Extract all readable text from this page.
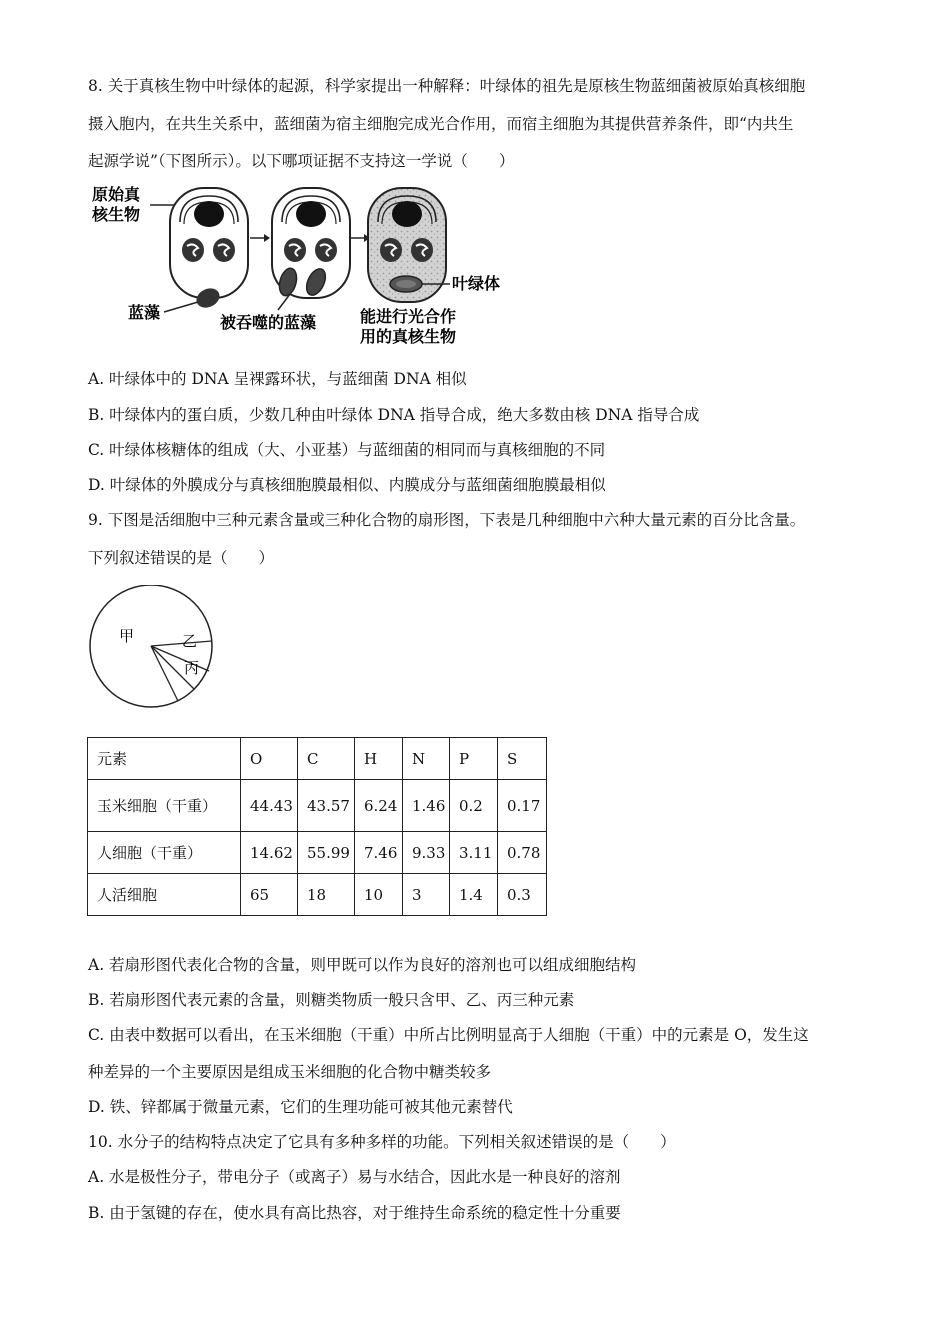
8. 关于真核生物中叶绿体的起源，科学家提出一种解释：叶绿体的祖先是原核生物蓝细菌被原始真核细胞
摄入胞内，在共生关系中，蓝细菌为宿主细胞完成光合作用，而宿主细胞为其提供营养条件，即“内共生
起源学说”（下图所示）。以下哪项证据不支持这一学说（　　）
原始真
核生物
蓝藻
被吞噬的蓝藻
叶绿体
能进行光合作
用的真核生物
A. 叶绿体中的 DNA 呈裸露环状，与蓝细菌 DNA 相似
B. 叶绿体内的蛋白质，少数几种由叶绿体 DNA 指导合成，绝大多数由核 DNA 指导合成
C. 叶绿体核糖体的组成（大、小亚基）与蓝细菌的相同而与真核细胞的不同
D. 叶绿体的外膜成分与真核细胞膜最相似、内膜成分与蓝细菌细胞膜最相似
9. 下图是活细胞中三种元素含量或三种化合物的扇形图，下表是几种细胞中六种大量元素的百分比含量。
下列叙述错误的是（　　）
甲	乙
丙
元素	O	C	H	N	P	S
玉米细胞（干重）	44.43	43.57	6.24	1.46	0.2	0.17
人细胞（干重）	14.62	55.99	7.46	9.33	3.11	0.78
人活细胞	65	18	10	3	1.4	0.3
A. 若扇形图代表化合物的含量，则甲既可以作为良好的溶剂也可以组成细胞结构
B. 若扇形图代表元素的含量，则糖类物质一般只含甲、乙、丙三种元素
C. 由表中数据可以看出，在玉米细胞（干重）中所占比例明显高于人细胞（干重）中的元素是 O，发生这
种差异的一个主要原因是组成玉米细胞的化合物中糖类较多
D. 铁、锌都属于微量元素，它们的生理功能可被其他元素替代
10. 水分子的结构特点决定了它具有多种多样的功能。下列相关叙述错误的是（　　）
A. 水是极性分子，带电分子（或离子）易与水结合，因此水是一种良好的溶剂
B. 由于氢键的存在，使水具有高比热容，对于维持生命系统的稳定性十分重要
